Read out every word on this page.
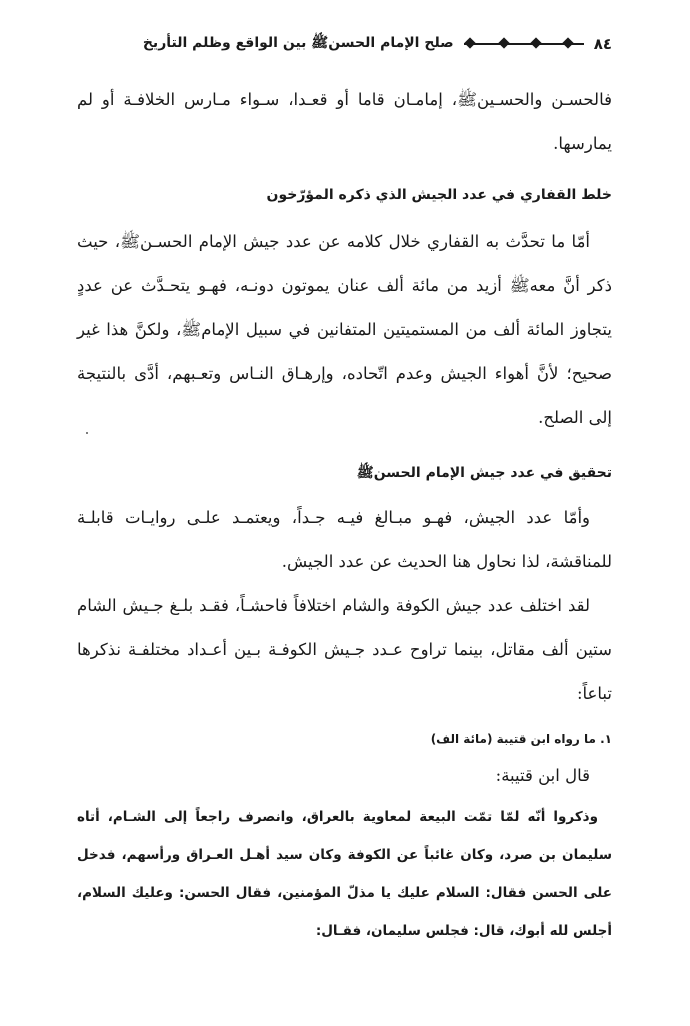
٨٤
صلح الإمام الحسنﷺ بين الواقع وظلم التأريخ

فالحسـن والحسـينﷺ، إمامـان قاما أو قعـدا، سـواء مـارس الخلافـة أو لم يمارسها.

خلط القفاري في عدد الجيش الذي ذكره المؤرّخون

أمّا ما تحدَّث به القفاري خلال كلامه عن عدد جيش الإمام الحسـنﷺ، حيث ذكر أنَّ معهﷺ أزيد من مائة ألف عنان يموتون دونـه، فهـو يتحـدَّث عن عددٍ يتجاوز المائة ألف من المستميتين المتفانين في سبيل الإمامﷺ، ولكنَّ هذا غير صحيح؛ لأنَّ أهواء الجيش وعدم اتّحاده، وإرهـاق النـاس وتعـبهم، أدَّى بالنتيجة إلى الصلح.

تحقيق في عدد جيش الإمام الحسنﷺ

وأمّا عدد الجيش، فهـو مبـالغ فيـه جـداً، ويعتمـد علـى روايـات قابلـة للمناقشة، لذا نحاول هنا الحديث عن عدد الجيش.

لقد اختلف عدد جيش الكوفة والشام اختلافاً فاحشـاً، فقـد بلـغ جـيش الشام ستين ألف مقاتل، بينما تراوح عـدد جـيش الكوفـة بـين أعـداد مختلفـة نذكرها تباعاً:

١. ما رواه ابن قتيبة (مائة الف)

قال ابن قتيبة:

وذكروا أنّه لمّا تمّت البيعة لمعاوية بالعراق، وانصرف راجعاً إلى الشـام، أتاه سليمان بن صرد، وكان غائباً عن الكوفة وكان سيد أهـل العـراق ورأسهم، فدخل على الحسن فقال: السلام عليك يا مذلّ المؤمنين، فقال الحسن: وعليك السلام، أجلس لله أبوك، قال: فجلس سليمان، فقـال:
